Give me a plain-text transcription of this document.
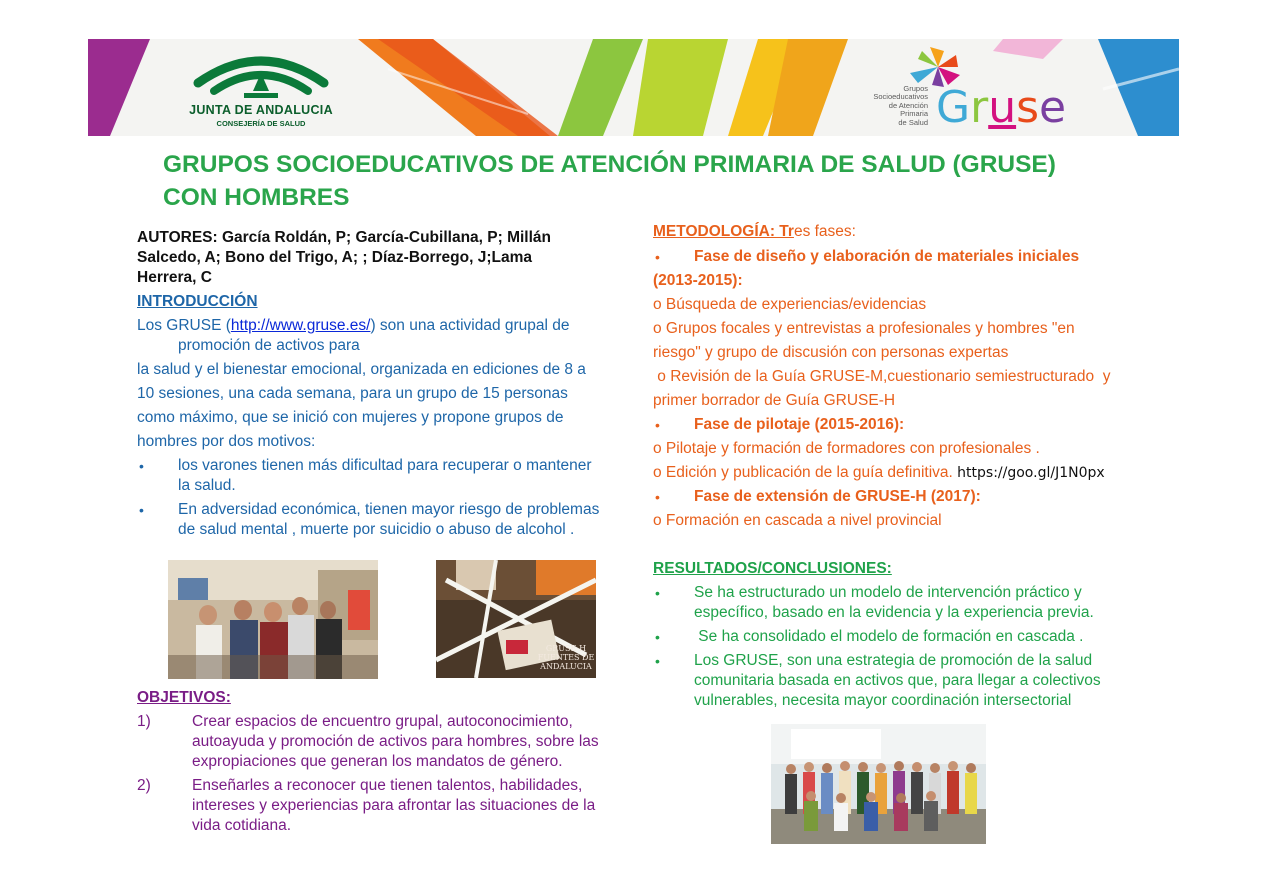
JUNTA DE ANDALUCIA
CONSEJERÍA DE SALUD
Grupos
Socioeducativos
de Atención
Primaria
de Salud Gruse
GRUPOS SOCIOEDUCATIVOS DE ATENCIÓN PRIMARIA DE SALUD (GRUSE)
CON HOMBRES
AUTORES: García Roldán, P; García-Cubillana, P; Millán
Salcedo, A; Bono del Trigo, A; ; Díaz-Borrego, J;Lama
Herrera, C
INTRODUCCIÓN
Los GRUSE (http://www.gruse.es/) son una actividad grupal de
promoción de activos para
la salud y el bienestar emocional, organizada en ediciones de 8 a
10 sesiones, una cada semana, para un grupo de 15 personas
como máximo, que se inició con mujeres y propone grupos de
hombres por dos motivos:
• los varones tienen más dificultad para recuperar o mantener
la salud.
• En adversidad económica, tienen mayor riesgo de problemas
de salud mental , muerte por suicidio o abuso de alcohol .
GRUSE-H
FUENTES DE
ANDALUCIA
OBJETIVOS:
1)	Crear espacios de encuentro grupal, autoconocimiento,
autoayuda y promoción de activos para hombres, sobre las
expropiaciones que generan los mandatos de género.
2)	Enseñarles a reconocer que tienen talentos, habilidades,
intereses y experiencias para afrontar las situaciones de la
vida cotidiana.
METODOLOGÍA: Tres fases:
• Fase de diseño y elaboración de materiales iniciales
(2013-2015):
o Búsqueda de experiencias/evidencias
o Grupos focales y entrevistas a profesionales y hombres "en
riesgo" y grupo de discusión con personas expertas
o Revisión de la Guía GRUSE-M,cuestionario semiestructurado  y
primer borrador de Guía GRUSE-H
• Fase de pilotaje (2015-2016):
o Pilotaje y formación de formadores con profesionales .
o Edición y publicación de la guía definitiva. https://goo.gl/J1N0px
• Fase de extensión de GRUSE-H (2017):
o Formación en cascada a nivel provincial
RESULTADOS/CONCLUSIONES:
• Se ha estructurado un modelo de intervención práctico y
específico, basado en la evidencia y la experiencia previa.
• Se ha consolidado el modelo de formación en cascada .
• Los GRUSE, son una estrategia de promoción de la salud
comunitaria basada en activos que, para llegar a colectivos
vulnerables, necesita mayor coordinación intersectorial
